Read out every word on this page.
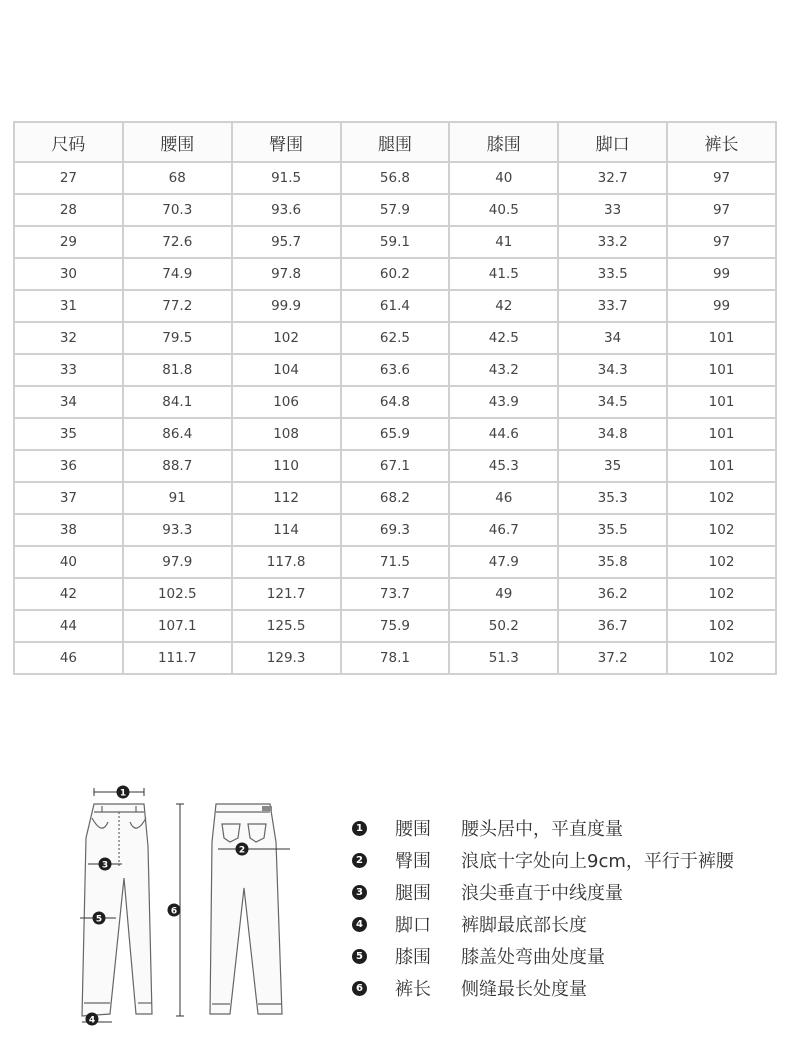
尺码	腰围	臀围	腿围	膝围	脚口	裤长
27	68	91.5	56.8	40	32.7	97
28	70.3	93.6	57.9	40.5	33	97
29	72.6	95.7	59.1	41	33.2	97
30	74.9	97.8	60.2	41.5	33.5	99
31	77.2	99.9	61.4	42	33.7	99
32	79.5	102	62.5	42.5	34	101
33	81.8	104	63.6	43.2	34.3	101
34	84.1	106	64.8	43.9	34.5	101
35	86.4	108	65.9	44.6	34.8	101
36	88.7	110	67.1	45.3	35	101
37	91	112	68.2	46	35.3	102
38	93.3	114	69.3	46.7	35.5	102
40	97.9	117.8	71.5	47.9	35.8	102
42	102.5	121.7	73.7	49	36.2	102
44	107.1	125.5	75.9	50.2	36.7	102
46	111.7	129.3	78.1	51.3	37.2	102
1
2
3
4
5
6
1 腰围	腰头居中，平直度量
2 臀围	浪底十字处向上9cm，平行于裤腰
3 腿围	浪尖垂直于中线度量
4 脚口	裤脚最底部长度
5 膝围	膝盖处弯曲处度量
6 裤长	侧缝最长处度量
